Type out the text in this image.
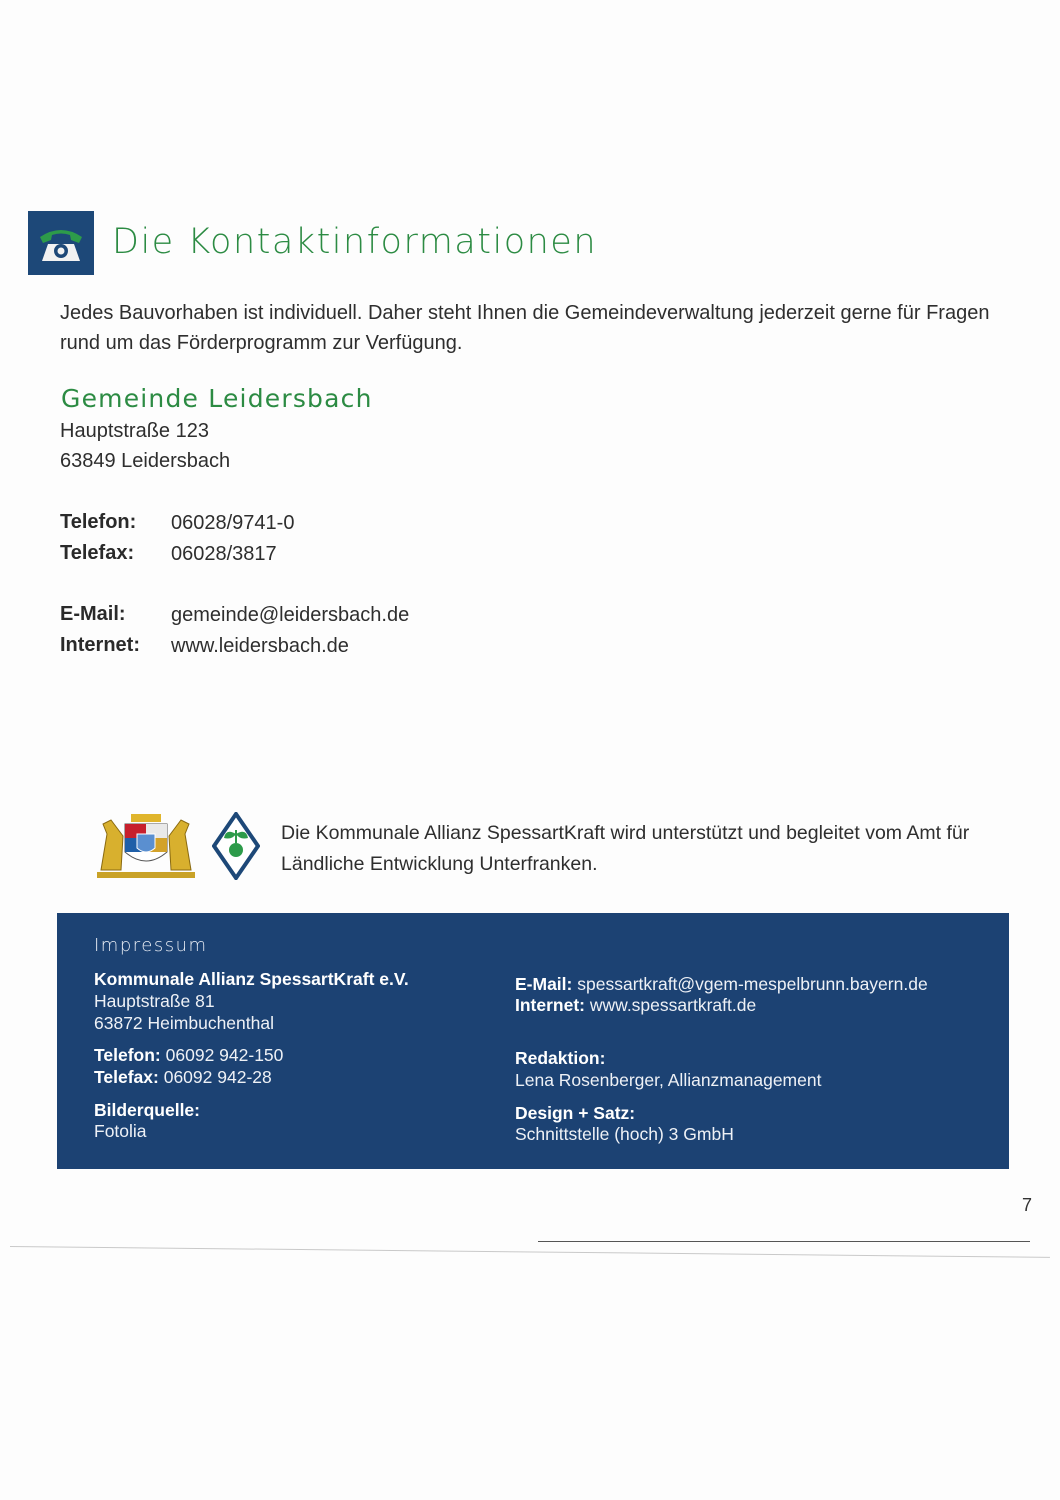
Die Kontaktinformationen
Jedes Bauvorhaben ist individuell. Daher steht Ihnen die Gemeindeverwaltung jederzeit gerne für Fragen rund um das Förderprogramm zur Verfügung.
Gemeinde Leidersbach
Hauptstraße 123
63849 Leidersbach
Telefon: 06028/9741-0
Telefax: 06028/3817
E-Mail: gemeinde@leidersbach.de
Internet: www.leidersbach.de
Die Kommunale Allianz SpessartKraft wird unterstützt und begleitet vom Amt für Ländliche Entwicklung Unterfranken.
Impressum
Kommunale Allianz SpessartKraft e.V.
Hauptstraße 81
63872 Heimbuchenthal
Telefon: 06092 942-150
Telefax: 06092 942-28
Bilderquelle:
Fotolia
E-Mail: spessartkraft@vgem-mespelbrunn.bayern.de
Internet: www.spessartkraft.de
Redaktion:
Lena Rosenberger, Allianzmanagement
Design + Satz:
Schnittstelle (hoch) 3 GmbH
7
